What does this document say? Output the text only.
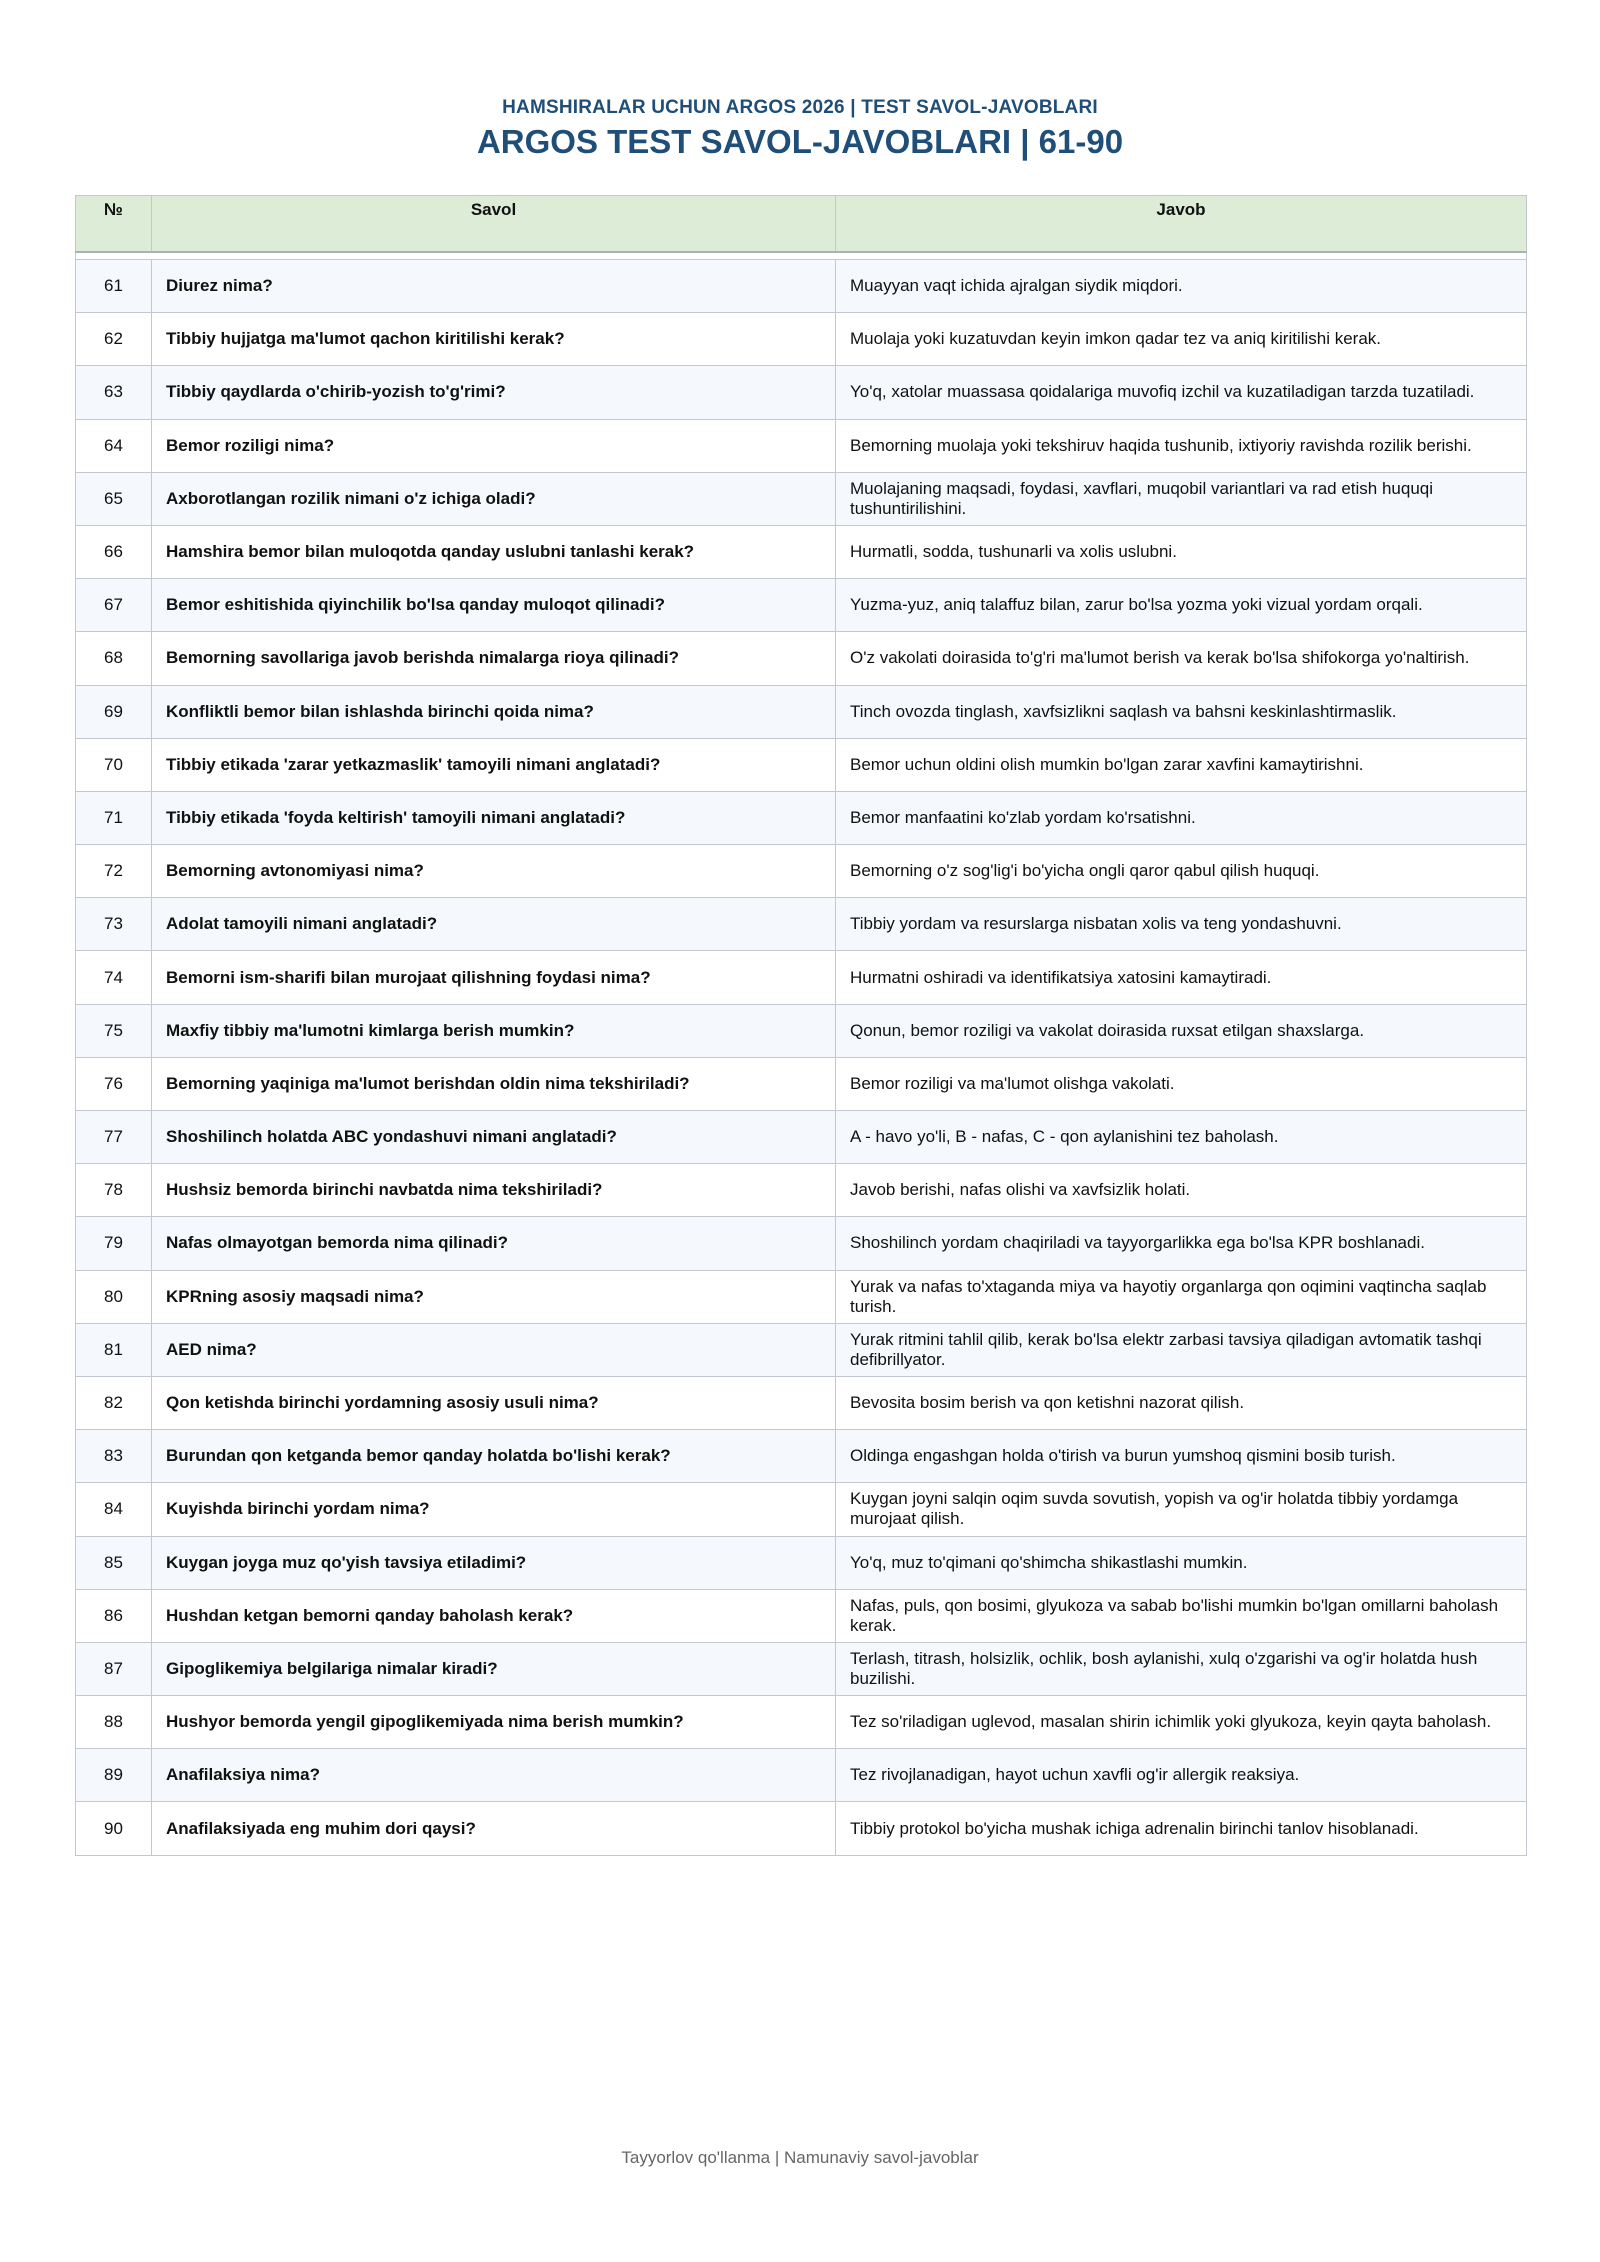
HAMSHIRALAR UCHUN ARGOS 2026 | TEST SAVOL-JAVOBLARI
ARGOS TEST SAVOL-JAVOBLARI | 61-90
№	Savol	Javob

61	Diurez nima?	Muayyan vaqt ichida ajralgan siydik miqdori.
62	Tibbiy hujjatga ma'lumot qachon kiritilishi kerak?	Muolaja yoki kuzatuvdan keyin imkon qadar tez va aniq kiritilishi kerak.
63	Tibbiy qaydlarda o'chirib-yozish to'g'rimi?	Yo'q, xatolar muassasa qoidalariga muvofiq izchil va kuzatiladigan tarzda tuzatiladi.
64	Bemor roziligi nima?	Bemorning muolaja yoki tekshiruv haqida tushunib, ixtiyoriy ravishda rozilik berishi.
65	Axborotlangan rozilik nimani o'z ichiga oladi?	Muolajaning maqsadi, foydasi, xavflari, muqobil variantlari va rad etish huquqi tushuntirilishini.
66	Hamshira bemor bilan muloqotda qanday uslubni tanlashi kerak?	Hurmatli, sodda, tushunarli va xolis uslubni.
67	Bemor eshitishida qiyinchilik bo'lsa qanday muloqot qilinadi?	Yuzma-yuz, aniq talaffuz bilan, zarur bo'lsa yozma yoki vizual yordam orqali.
68	Bemorning savollariga javob berishda nimalarga rioya qilinadi?	O'z vakolati doirasida to'g'ri ma'lumot berish va kerak bo'lsa shifokorga yo'naltirish.
69	Konfliktli bemor bilan ishlashda birinchi qoida nima?	Tinch ovozda tinglash, xavfsizlikni saqlash va bahsni keskinlashtirmaslik.
70	Tibbiy etikada 'zarar yetkazmaslik' tamoyili nimani anglatadi?	Bemor uchun oldini olish mumkin bo'lgan zarar xavfini kamaytirishni.
71	Tibbiy etikada 'foyda keltirish' tamoyili nimani anglatadi?	Bemor manfaatini ko'zlab yordam ko'rsatishni.
72	Bemorning avtonomiyasi nima?	Bemorning o'z sog'lig'i bo'yicha ongli qaror qabul qilish huquqi.
73	Adolat tamoyili nimani anglatadi?	Tibbiy yordam va resurslarga nisbatan xolis va teng yondashuvni.
74	Bemorni ism-sharifi bilan murojaat qilishning foydasi nima?	Hurmatni oshiradi va identifikatsiya xatosini kamaytiradi.
75	Maxfiy tibbiy ma'lumotni kimlarga berish mumkin?	Qonun, bemor roziligi va vakolat doirasida ruxsat etilgan shaxslarga.
76	Bemorning yaqiniga ma'lumot berishdan oldin nima tekshiriladi?	Bemor roziligi va ma'lumot olishga vakolati.
77	Shoshilinch holatda ABC yondashuvi nimani anglatadi?	A - havo yo'li, B - nafas, C - qon aylanishini tez baholash.
78	Hushsiz bemorda birinchi navbatda nima tekshiriladi?	Javob berishi, nafas olishi va xavfsizlik holati.
79	Nafas olmayotgan bemorda nima qilinadi?	Shoshilinch yordam chaqiriladi va tayyorgarlikka ega bo'lsa KPR boshlanadi.
80	KPRning asosiy maqsadi nima?	Yurak va nafas to'xtaganda miya va hayotiy organlarga qon oqimini vaqtincha saqlab turish.
81	AED nima?	Yurak ritmini tahlil qilib, kerak bo'lsa elektr zarbasi tavsiya qiladigan avtomatik tashqi defibrillyator.
82	Qon ketishda birinchi yordamning asosiy usuli nima?	Bevosita bosim berish va qon ketishni nazorat qilish.
83	Burundan qon ketganda bemor qanday holatda bo'lishi kerak?	Oldinga engashgan holda o'tirish va burun yumshoq qismini bosib turish.
84	Kuyishda birinchi yordam nima?	Kuygan joyni salqin oqim suvda sovutish, yopish va og'ir holatda tibbiy yordamga murojaat qilish.
85	Kuygan joyga muz qo'yish tavsiya etiladimi?	Yo'q, muz to'qimani qo'shimcha shikastlashi mumkin.
86	Hushdan ketgan bemorni qanday baholash kerak?	Nafas, puls, qon bosimi, glyukoza va sabab bo'lishi mumkin bo'lgan omillarni baholash kerak.
87	Gipoglikemiya belgilariga nimalar kiradi?	Terlash, titrash, holsizlik, ochlik, bosh aylanishi, xulq o'zgarishi va og'ir holatda hush buzilishi.
88	Hushyor bemorda yengil gipoglikemiyada nima berish mumkin?	Tez so'riladigan uglevod, masalan shirin ichimlik yoki glyukoza, keyin qayta baholash.
89	Anafilaksiya nima?	Tez rivojlanadigan, hayot uchun xavfli og'ir allergik reaksiya.
90	Anafilaksiyada eng muhim dori qaysi?	Tibbiy protokol bo'yicha mushak ichiga adrenalin birinchi tanlov hisoblanadi.
Tayyorlov qo'llanma | Namunaviy savol-javoblar
